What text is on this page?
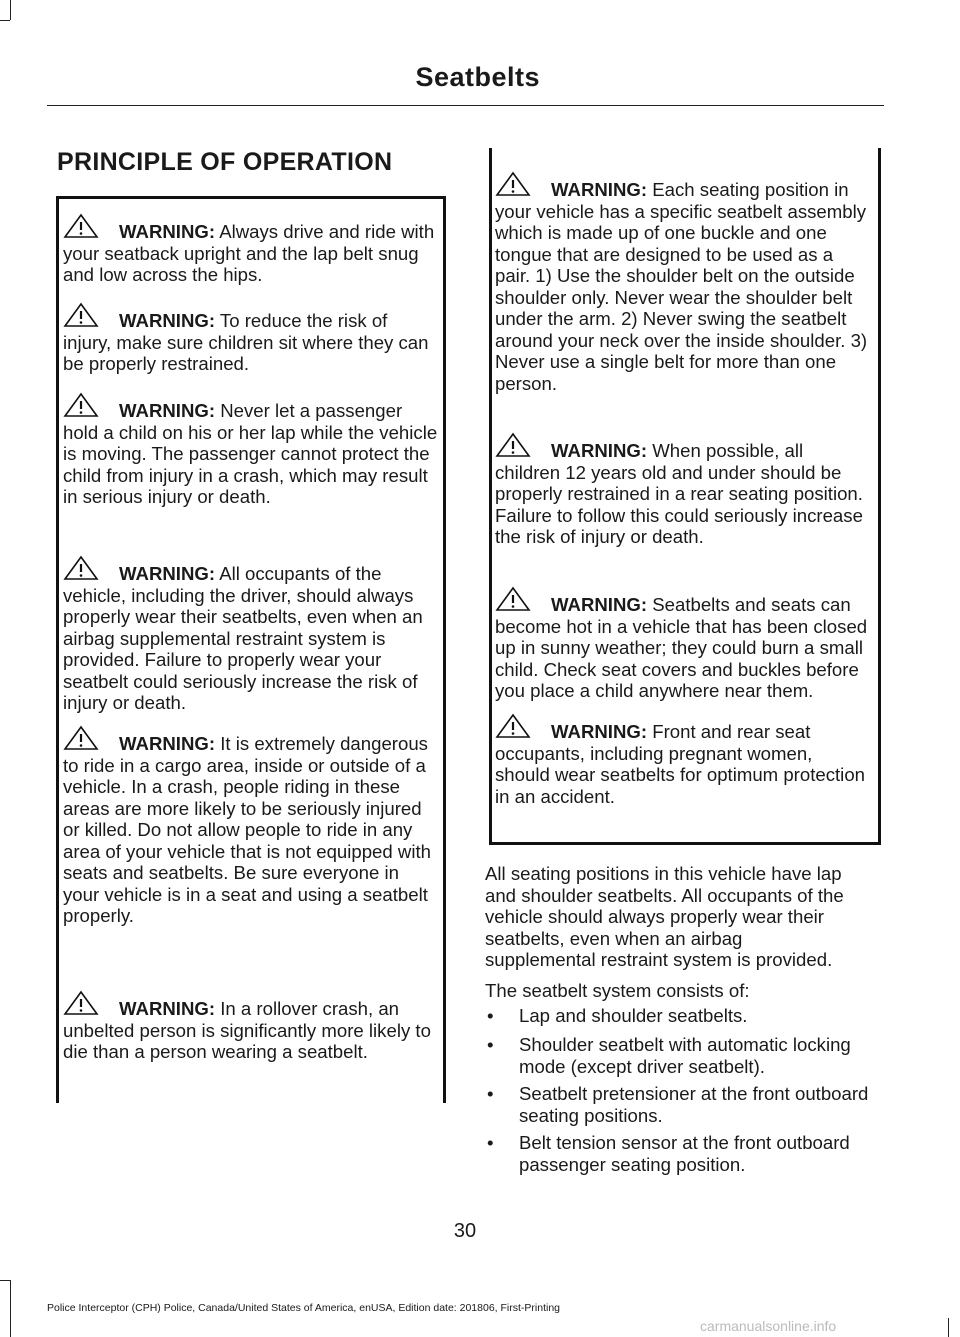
Seatbelts
PRINCIPLE OF OPERATION
WARNING: Always drive and ride with your seatback upright and the lap belt snug and low across the hips.
WARNING: To reduce the risk of injury, make sure children sit where they can be properly restrained.
WARNING: Never let a passenger hold a child on his or her lap while the vehicle is moving. The passenger cannot protect the child from injury in a crash, which may result in serious injury or death.
WARNING: All occupants of the vehicle, including the driver, should always properly wear their seatbelts, even when an airbag supplemental restraint system is provided. Failure to properly wear your seatbelt could seriously increase the risk of injury or death.
WARNING: It is extremely dangerous to ride in a cargo area, inside or outside of a vehicle. In a crash, people riding in these areas are more likely to be seriously injured or killed. Do not allow people to ride in any area of your vehicle that is not equipped with seats and seatbelts. Be sure everyone in your vehicle is in a seat and using a seatbelt properly.
WARNING: In a rollover crash, an unbelted person is significantly more likely to die than a person wearing a seatbelt.
WARNING: Each seating position in your vehicle has a specific seatbelt assembly which is made up of one buckle and one tongue that are designed to be used as a pair. 1) Use the shoulder belt on the outside shoulder only. Never wear the shoulder belt under the arm. 2) Never swing the seatbelt around your neck over the inside shoulder. 3) Never use a single belt for more than one person.
WARNING: When possible, all children 12 years old and under should be properly restrained in a rear seating position. Failure to follow this could seriously increase the risk of injury or death.
WARNING: Seatbelts and seats can become hot in a vehicle that has been closed up in sunny weather; they could burn a small child. Check seat covers and buckles before you place a child anywhere near them.
WARNING: Front and rear seat occupants, including pregnant women, should wear seatbelts for optimum protection in an accident.
All seating positions in this vehicle have lap and shoulder seatbelts. All occupants of the vehicle should always properly wear their seatbelts, even when an airbag supplemental restraint system is provided.
The seatbelt system consists of:
• Lap and shoulder seatbelts.
• Shoulder seatbelt with automatic locking mode (except driver seatbelt).
• Seatbelt pretensioner at the front outboard seating positions.
• Belt tension sensor at the front outboard passenger seating position.
30
Police Interceptor (CPH) Police, Canada/United States of America, enUSA, Edition date: 201806, First-Printing
carmanualsonline.info
